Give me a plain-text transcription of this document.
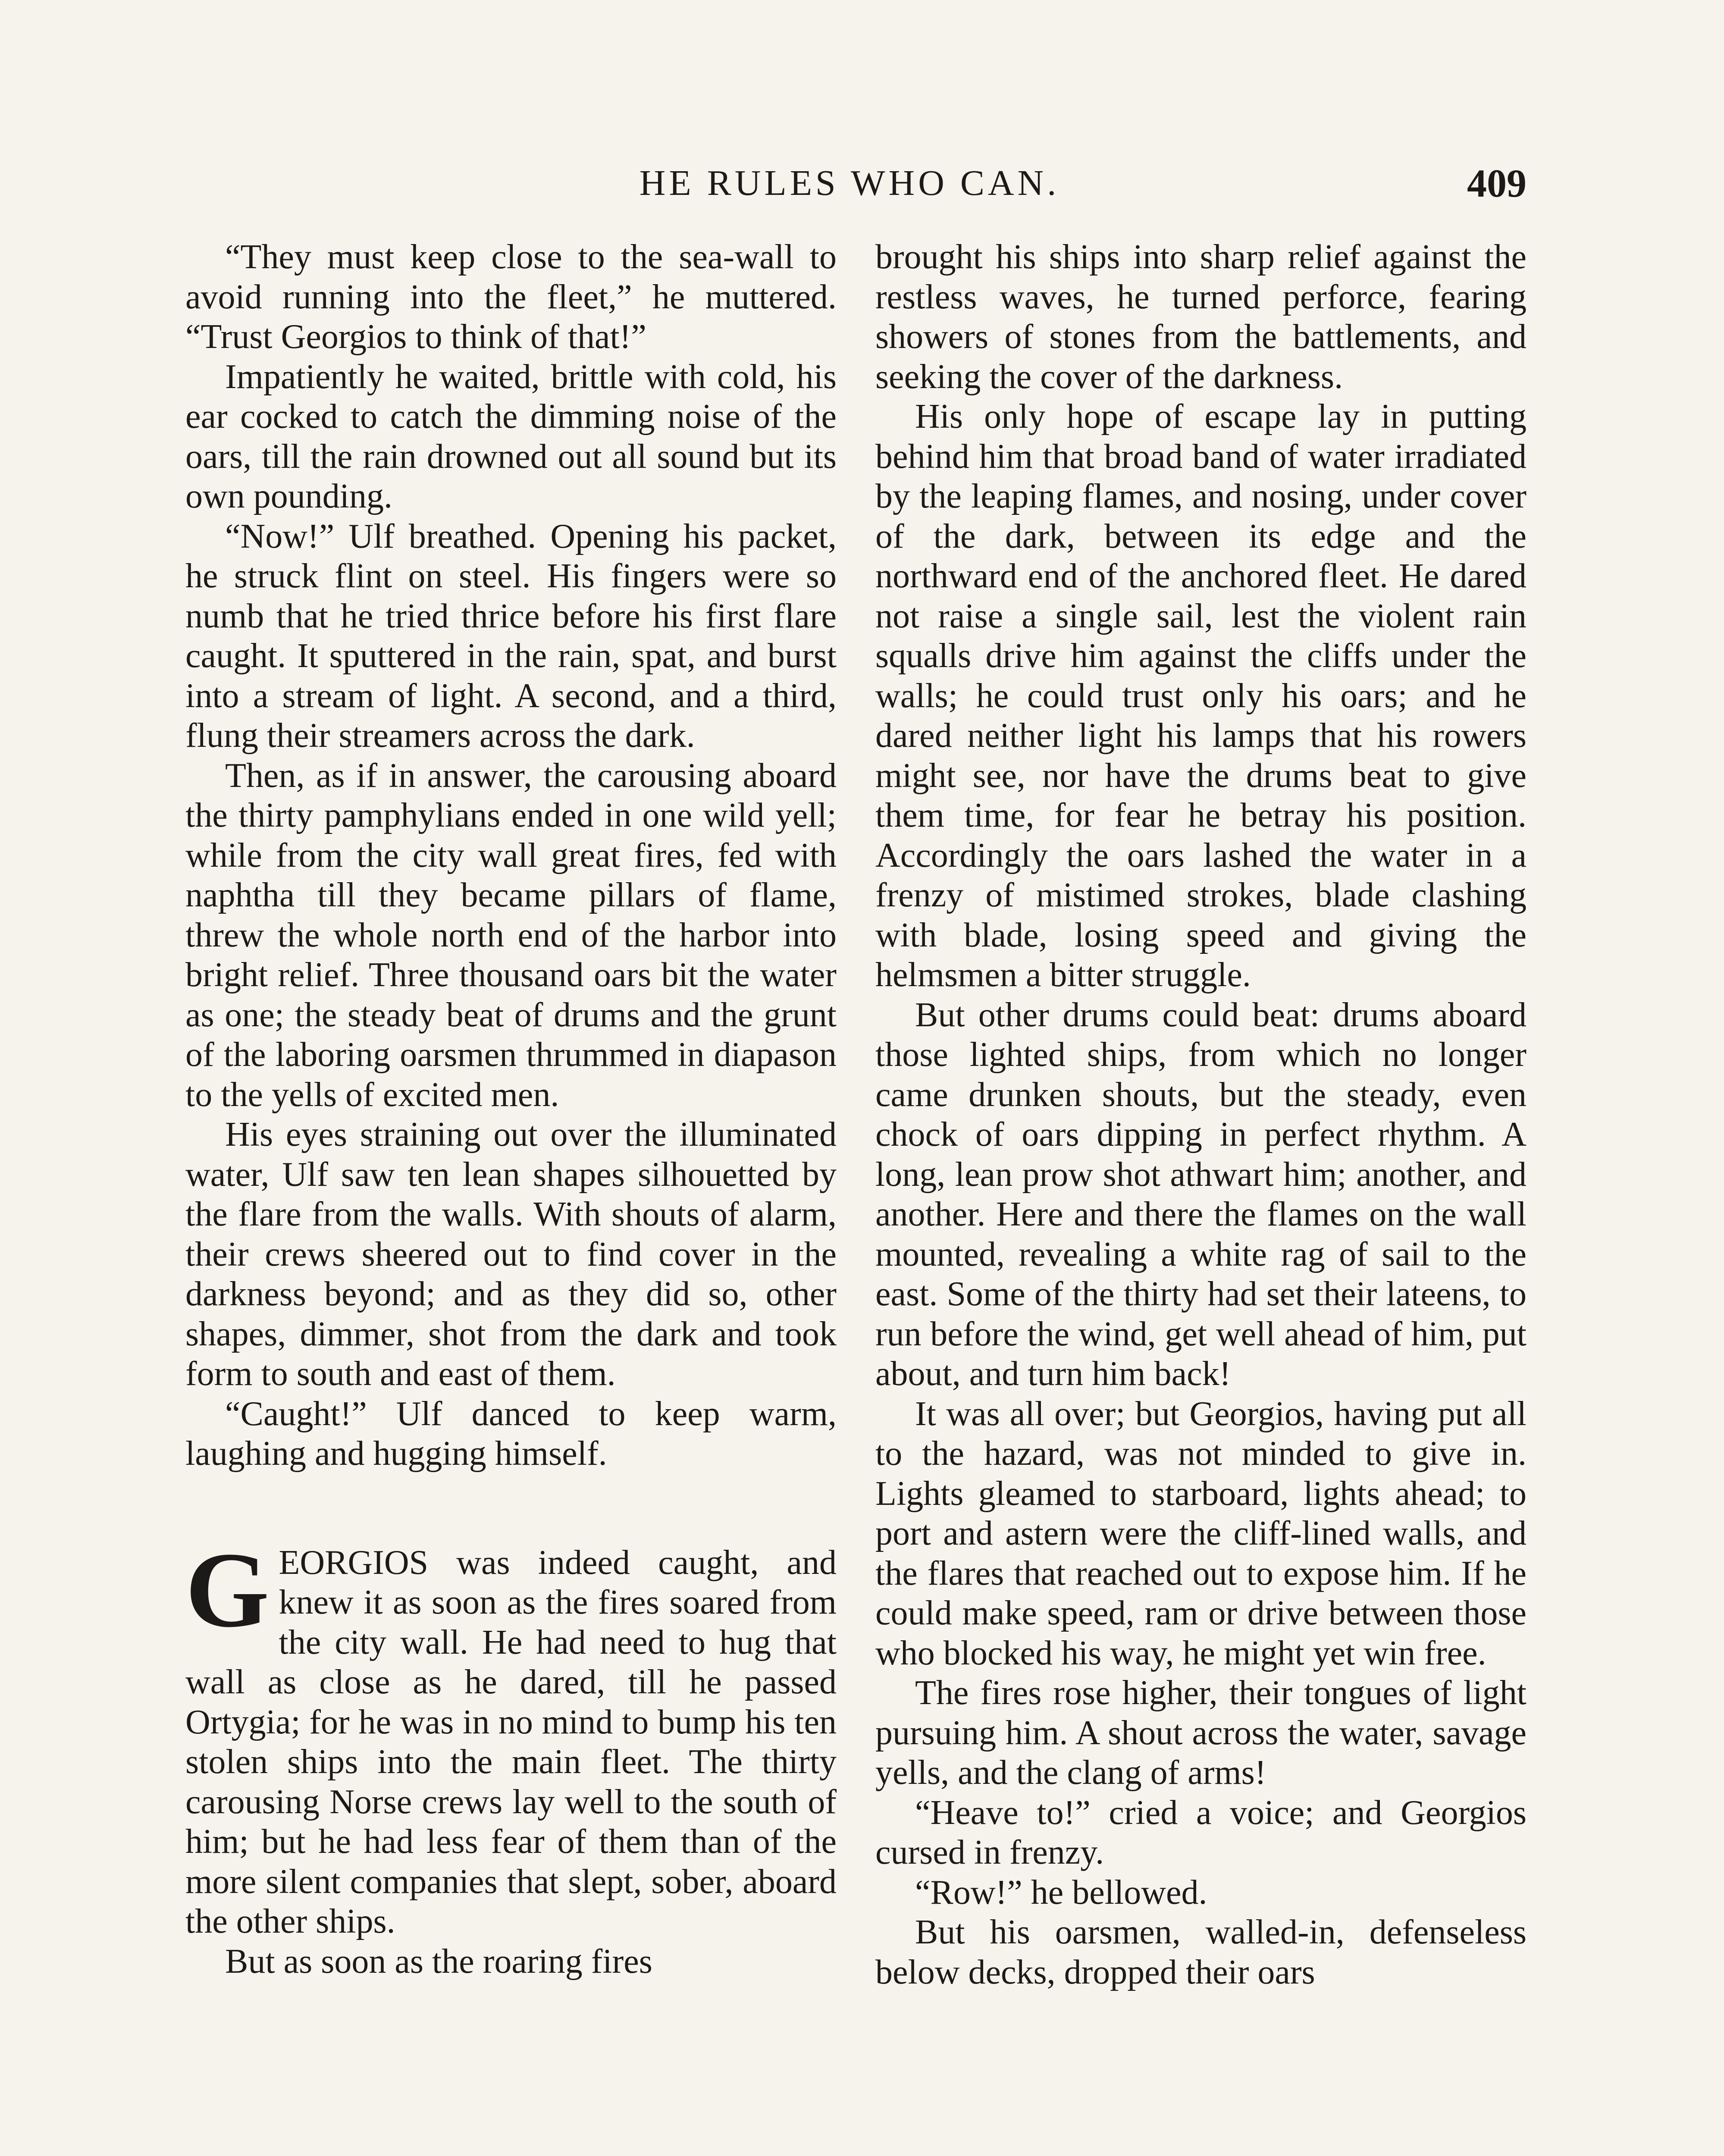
HE RULES WHO CAN.	409

“They must keep close to the sea-wall to avoid running into the fleet,” he muttered. “Trust Georgios to think of that!”

Impatiently he waited, brittle with cold, his ear cocked to catch the dimming noise of the oars, till the rain drowned out all sound but its own pounding.

“Now!” Ulf breathed. Opening his packet, he struck flint on steel. His fingers were so numb that he tried thrice before his first flare caught. It sputtered in the rain, spat, and burst into a stream of light. A second, and a third, flung their streamers across the dark.

Then, as if in answer, the carousing aboard the thirty pamphylians ended in one wild yell; while from the city wall great fires, fed with naphtha till they became pillars of flame, threw the whole north end of the harbor into bright relief. Three thousand oars bit the water as one; the steady beat of drums and the grunt of the laboring oarsmen thrummed in diapason to the yells of excited men.

His eyes straining out over the illuminated water, Ulf saw ten lean shapes silhouetted by the flare from the walls. With shouts of alarm, their crews sheered out to find cover in the darkness beyond; and as they did so, other shapes, dimmer, shot from the dark and took form to south and east of them.

“Caught!” Ulf danced to keep warm, laughing and hugging himself.

GEORGIOS was indeed caught, and knew it as soon as the fires soared from the city wall. He had need to hug that wall as close as he dared, till he passed Ortygia; for he was in no mind to bump his ten stolen ships into the main fleet. The thirty carousing Norse crews lay well to the south of him; but he had less fear of them than of the more silent companies that slept, sober, aboard the other ships.

But as soon as the roaring fires

brought his ships into sharp relief against the restless waves, he turned perforce, fearing showers of stones from the battlements, and seeking the cover of the darkness.

His only hope of escape lay in putting behind him that broad band of water irradiated by the leaping flames, and nosing, under cover of the dark, between its edge and the northward end of the anchored fleet. He dared not raise a single sail, lest the violent rain squalls drive him against the cliffs under the walls; he could trust only his oars; and he dared neither light his lamps that his rowers might see, nor have the drums beat to give them time, for fear he betray his position. Accordingly the oars lashed the water in a frenzy of mistimed strokes, blade clashing with blade, losing speed and giving the helmsmen a bitter struggle.

But other drums could beat: drums aboard those lighted ships, from which no longer came drunken shouts, but the steady, even chock of oars dipping in perfect rhythm. A long, lean prow shot athwart him; another, and another. Here and there the flames on the wall mounted, revealing a white rag of sail to the east. Some of the thirty had set their lateens, to run before the wind, get well ahead of him, put about, and turn him back!

It was all over; but Georgios, having put all to the hazard, was not minded to give in. Lights gleamed to starboard, lights ahead; to port and astern were the cliff-lined walls, and the flares that reached out to expose him. If he could make speed, ram or drive between those who blocked his way, he might yet win free.

The fires rose higher, their tongues of light pursuing him. A shout across the water, savage yells, and the clang of arms!

“Heave to!” cried a voice; and Georgios cursed in frenzy.

“Row!” he bellowed.

But his oarsmen, walled-in, defenseless below decks, dropped their oars
